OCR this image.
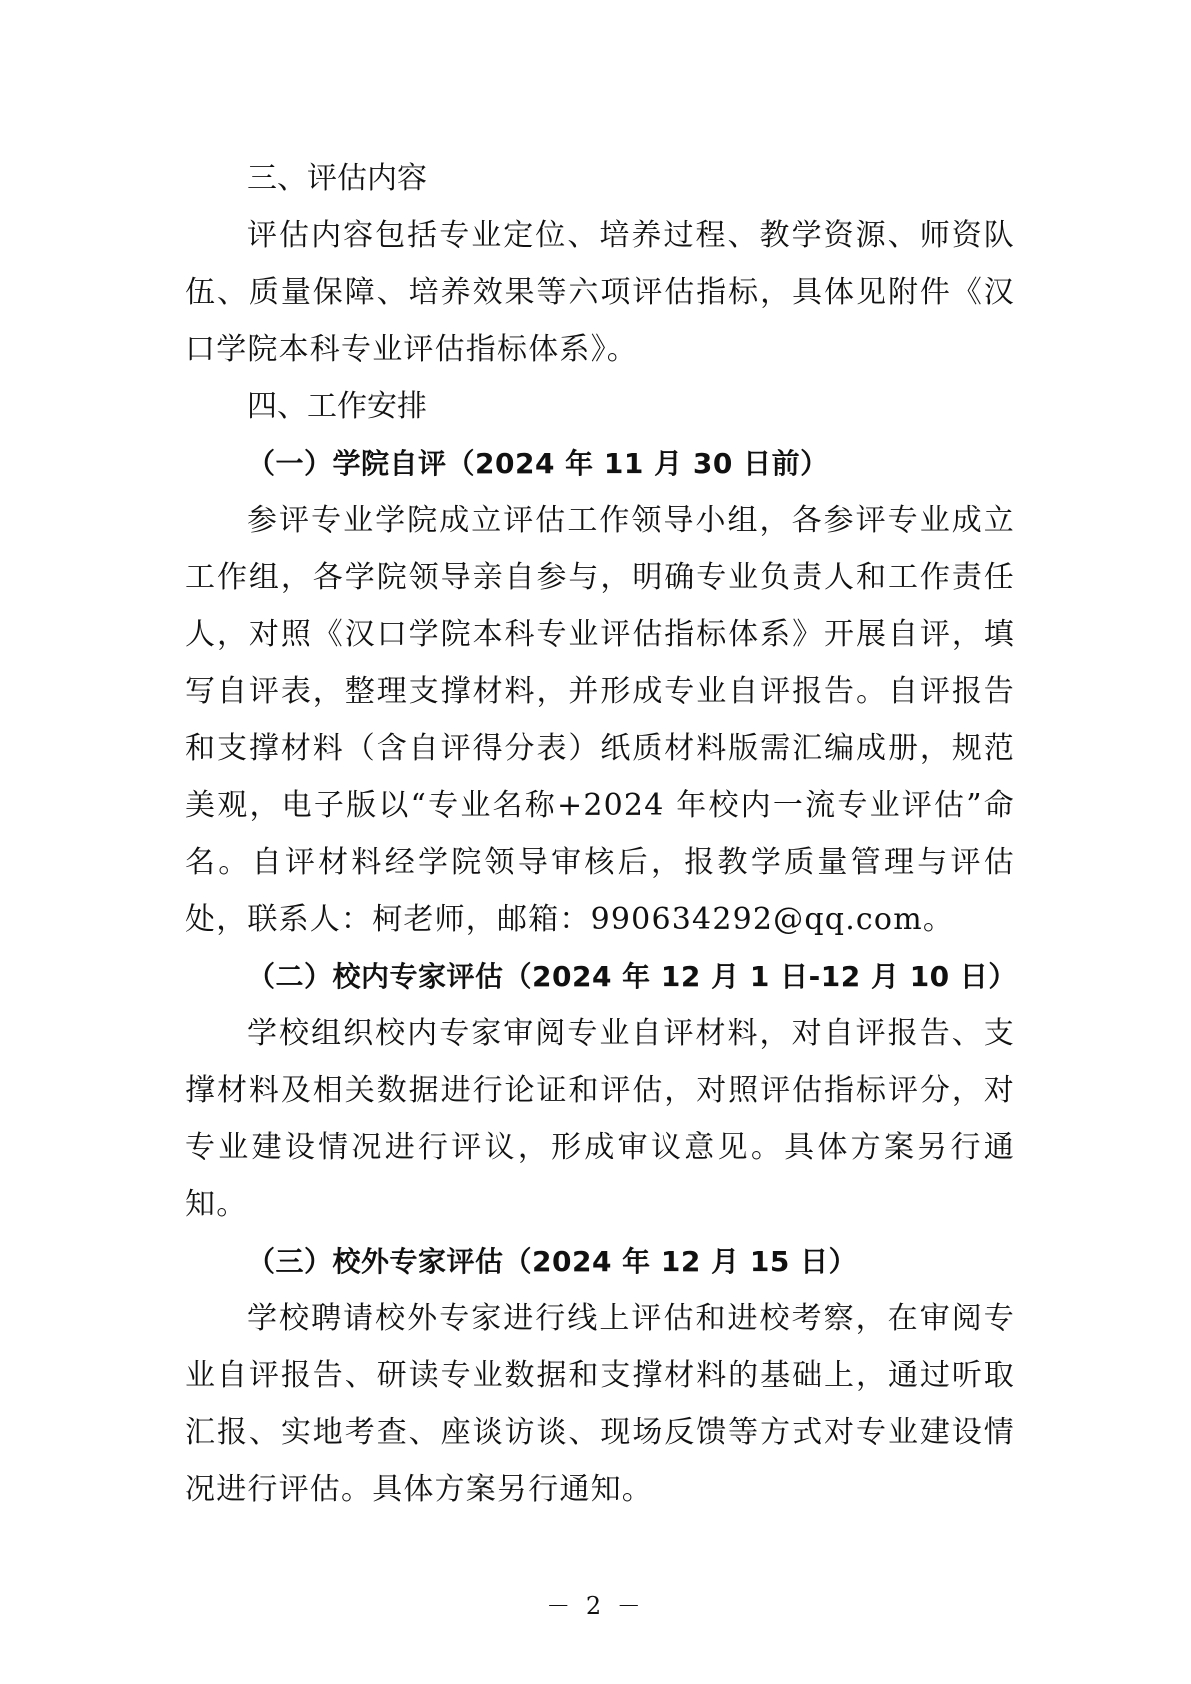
三、评估内容

评估内容包括专业定位、培养过程、教学资源、师资队伍、质量保障、培养效果等六项评估指标，具体见附件《汉口学院本科专业评估指标体系》。

四、工作安排

（一）学院自评（2024 年 11 月 30 日前）

参评专业学院成立评估工作领导小组，各参评专业成立工作组，各学院领导亲自参与，明确专业负责人和工作责任人，对照《汉口学院本科专业评估指标体系》开展自评，填写自评表，整理支撑材料，并形成专业自评报告。自评报告和支撑材料（含自评得分表）纸质材料版需汇编成册，规范美观，电子版以“专业名称+2024 年校内一流专业评估”命名。自评材料经学院领导审核后，报教学质量管理与评估处，联系人：柯老师，邮箱：990634292@qq.com。

（二）校内专家评估（2024 年 12 月 1 日-12 月 10 日）

学校组织校内专家审阅专业自评材料，对自评报告、支撑材料及相关数据进行论证和评估，对照评估指标评分，对专业建设情况进行评议，形成审议意见。具体方案另行通知。

（三）校外专家评估（2024 年 12 月 15 日）

学校聘请校外专家进行线上评估和进校考察，在审阅专业自评报告、研读专业数据和支撑材料的基础上，通过听取汇报、实地考查、座谈访谈、现场反馈等方式对专业建设情况进行评估。具体方案另行通知。

－ 2 －
